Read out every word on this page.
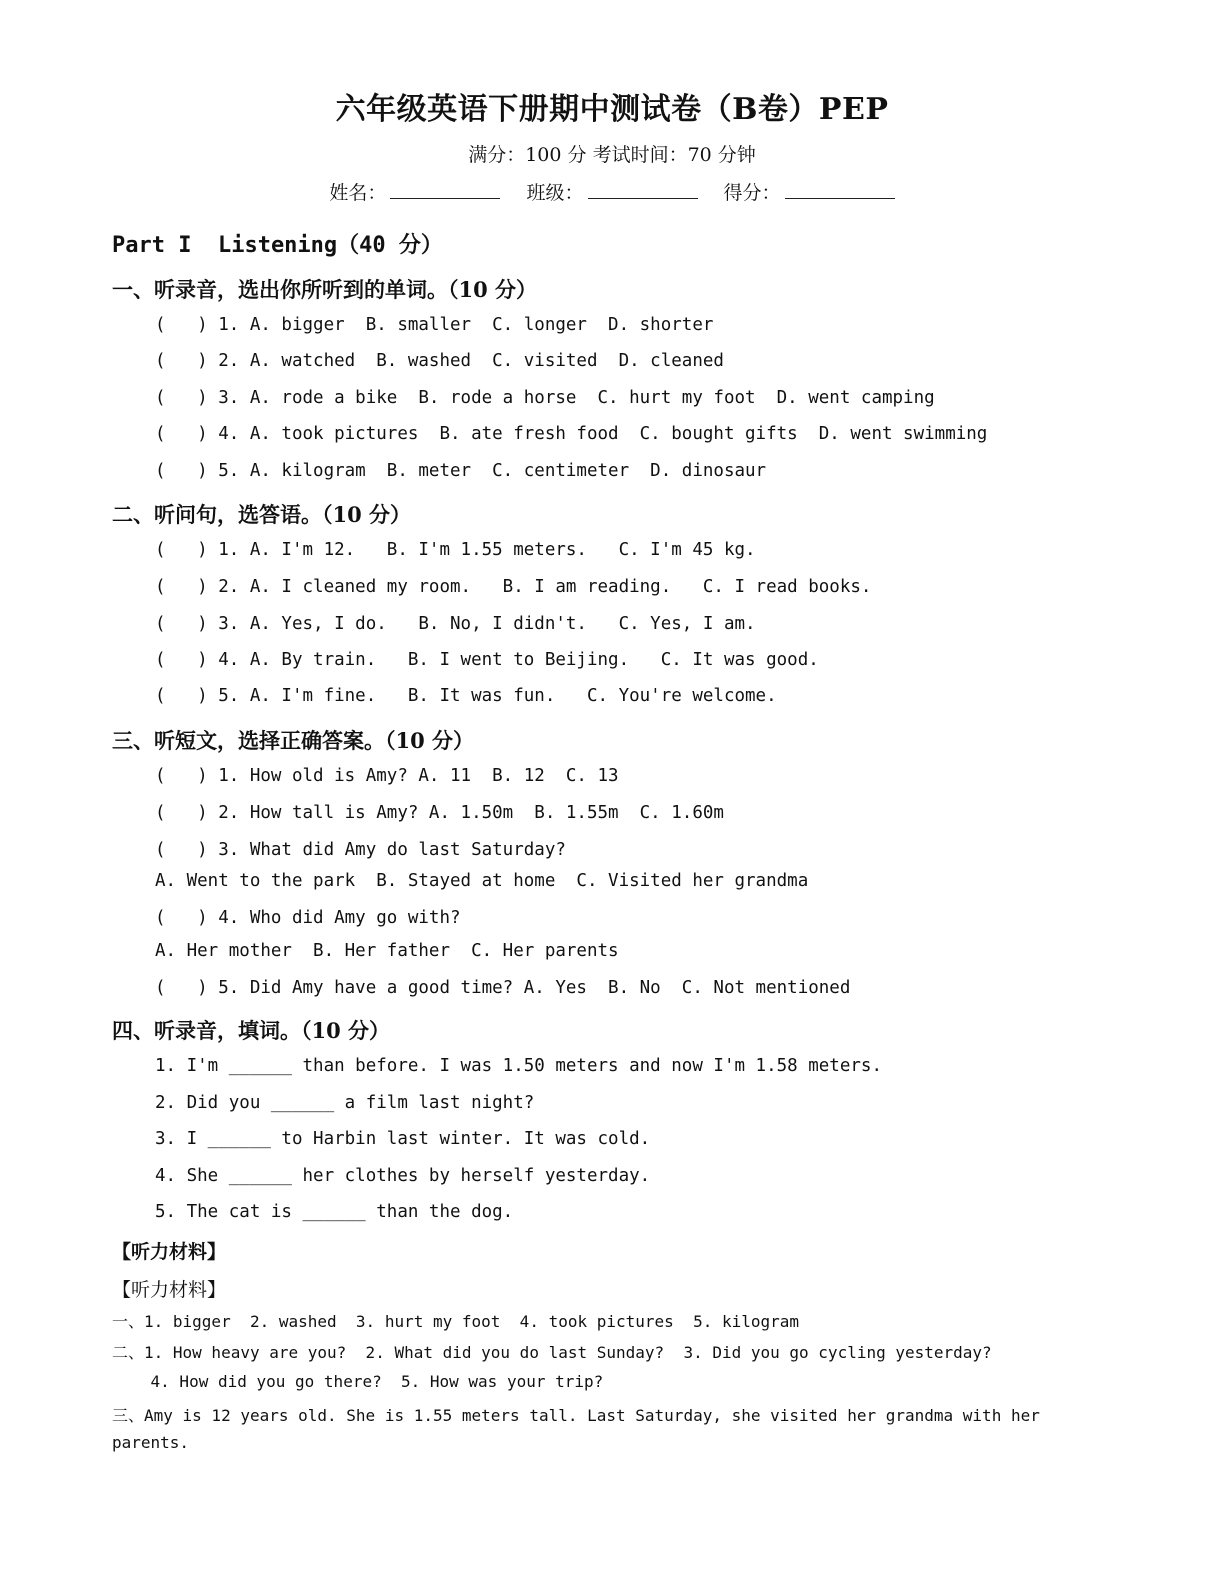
六年级英语下册期中测试卷（B卷）PEP
满分：100 分 考试时间：70 分钟
姓名：	班级：	得分：
Part I  Listening（40 分）
一、听录音，选出你所听到的单词。（10 分）
(   ) 1. A. bigger  B. smaller  C. longer  D. shorter
(   ) 2. A. watched  B. washed  C. visited  D. cleaned
(   ) 3. A. rode a bike  B. rode a horse  C. hurt my foot  D. went camping
(   ) 4. A. took pictures  B. ate fresh food  C. bought gifts  D. went swimming
(   ) 5. A. kilogram  B. meter  C. centimeter  D. dinosaur
二、听问句，选答语。（10 分）
(   ) 1. A. I'm 12.   B. I'm 1.55 meters.   C. I'm 45 kg.
(   ) 2. A. I cleaned my room.   B. I am reading.   C. I read books.
(   ) 3. A. Yes, I do.   B. No, I didn't.   C. Yes, I am.
(   ) 4. A. By train.   B. I went to Beijing.   C. It was good.
(   ) 5. A. I'm fine.   B. It was fun.   C. You're welcome.
三、听短文，选择正确答案。（10 分）
(   ) 1. How old is Amy? A. 11  B. 12  C. 13
(   ) 2. How tall is Amy? A. 1.50m  B. 1.55m  C. 1.60m
(   ) 3. What did Amy do last Saturday?
A. Went to the park  B. Stayed at home  C. Visited her grandma
(   ) 4. Who did Amy go with?
A. Her mother  B. Her father  C. Her parents
(   ) 5. Did Amy have a good time? A. Yes  B. No  C. Not mentioned
四、听录音，填词。（10 分）
1. I'm ______ than before. I was 1.50 meters and now I'm 1.58 meters.
2. Did you ______ a film last night?
3. I ______ to Harbin last winter. It was cold.
4. She ______ her clothes by herself yesterday.
5. The cat is ______ than the dog.
【听力材料】
【听力材料】
一、1. bigger  2. washed  3. hurt my foot  4. took pictures  5. kilogram
二、1. How heavy are you?  2. What did you do last Sunday?  3. Did you go cycling yesterday?
4. How did you go there?  5. How was your trip?
三、Amy is 12 years old. She is 1.55 meters tall. Last Saturday, she visited her grandma with her
parents.
